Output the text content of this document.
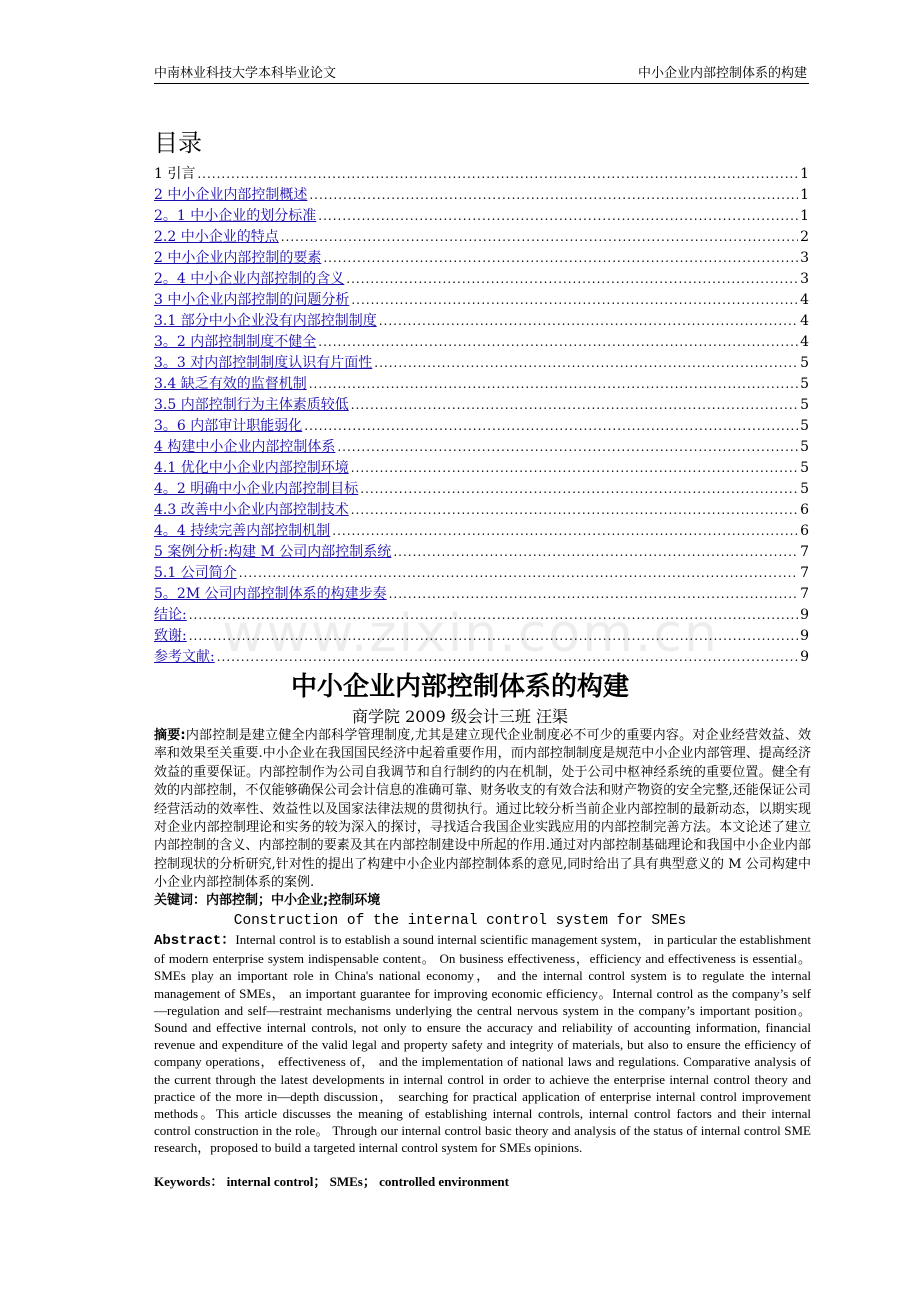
中南林业科技大学本科毕业论文	中小企业内部控制体系的构建
目录
1 引言 .....	1
2 中小企业内部控制概述 .....	1
2。1 中小企业的划分标准 .....	1
2.2 中小企业的特点 .....	2
2 中小企业内部控制的要素 .....	3
2。4 中小企业内部控制的含义 .....	3
3 中小企业内部控制的问题分析 .....	4
3.1 部分中小企业没有内部控制制度 .....	4
3。2 内部控制制度不健全 .....	4
3。3 对内部控制制度认识有片面性 .....	5
3.4 缺乏有效的监督机制 .....	5
3.5 内部控制行为主体素质较低 .....	5
3。6 内部审计职能弱化 .....	5
4 构建中小企业内部控制体系 .....	5
4.1 优化中小企业内部控制环境 .....	5
4。2 明确中小企业内部控制目标 .....	5
4.3 改善中小企业内部控制技术 .....	6
4。4 持续完善内部控制机制 .....	6
5 案例分析:构建 M 公司内部控制系统 .....	7
5.1 公司简介 .....	7
5。2M 公司内部控制体系的构建步奏 .....	7
结论: .....	9
致谢: .....	9
参考文献: .....	9
www.zixin.com.cn
中小企业内部控制体系的构建
商学院 2009 级会计三班 汪渠
摘要:内部控制是建立健全内部科学管理制度,尤其是建立现代企业制度必不可少的重要内容。对企业经营效益、效率和效果至关重要.中小企业在我国国民经济中起着重要作用，而内部控制制度是规范中小企业内部管理、提高经济效益的重要保证。内部控制作为公司自我调节和自行制约的内在机制，处于公司中枢神经系统的重要位置。健全有效的内部控制，不仅能够确保公司会计信息的准确可靠、财务收支的有效合法和财产物资的安全完整,还能保证公司经营活动的效率性、效益性以及国家法律法规的贯彻执行。通过比较分析当前企业内部控制的最新动态，以期实现对企业内部控制理论和实务的较为深入的探讨，寻找适合我国企业实践应用的内部控制完善方法。本文论述了建立内部控制的含义、内部控制的要素及其在内部控制建设中所起的作用.通过对内部控制基础理论和我国中小企业内部控制现状的分析研究,针对性的提出了构建中小企业内部控制体系的意见,同时给出了具有典型意义的 M 公司构建中小企业内部控制体系的案例.
关键词：内部控制；中小企业;控制环境
Construction of the internal control system for SMEs
Abstract：Internal control is to establish a sound internal scientific management system， in particular the establishment of modern enterprise system indispensable content。 On business effectiveness，efficiency and effectiveness is essential。 SMEs play an important role in China's national economy， and the internal control system is to regulate the internal management of SMEs， an important guarantee for improving economic efficiency。Internal control as the company’s self—regulation and self—restraint mechanisms underlying the central nervous system in the company’s important position。 Sound and effective internal controls, not only to ensure the accuracy and reliability of accounting information, financial revenue and expenditure of the valid legal and property safety and integrity of materials, but also to ensure the efficiency of company operations， effectiveness of， and the implementation of national laws and regulations. Comparative analysis of the current through the latest developments in internal control in order to achieve the enterprise internal control theory and practice of the more in—depth discussion， searching for practical application of enterprise internal control improvement methods。This article discusses the meaning of establishing internal controls, internal control factors and their internal control construction in the role。 Through our internal control basic theory and analysis of the status of internal control SME research，proposed to build a targeted internal control system for SMEs opinions.
Keywords： internal control； SMEs； controlled environment
